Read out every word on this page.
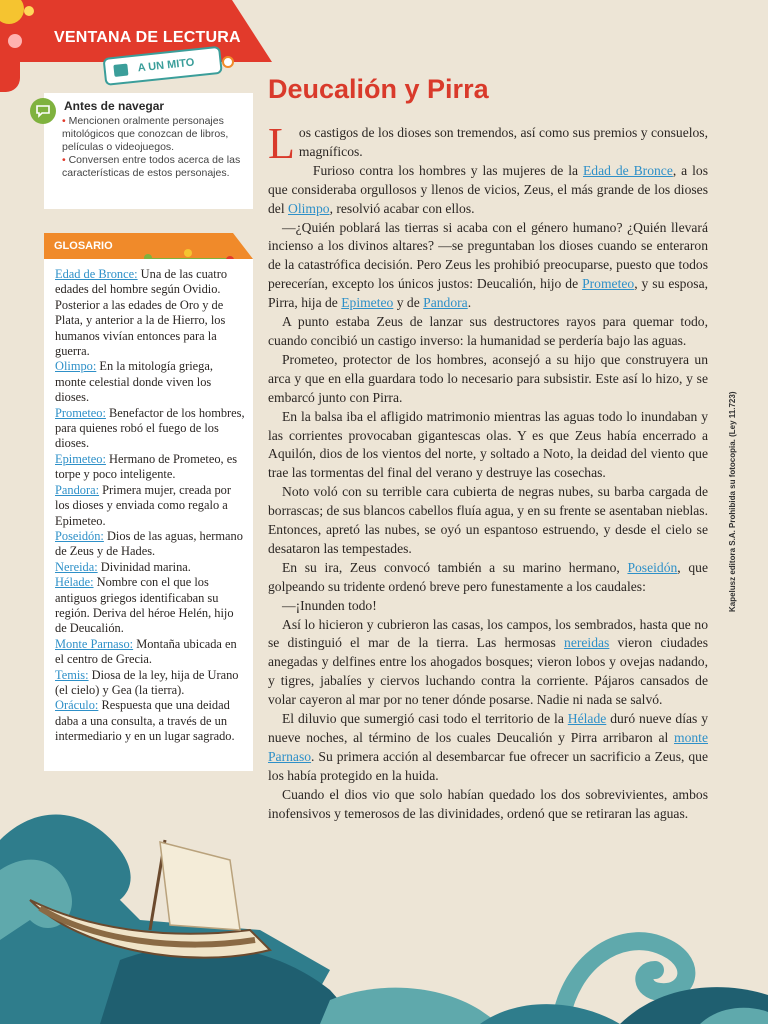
VENTANA DE LECTURA
A UN MITO
Antes de navegar
• Mencionen oralmente personajes mitológicos que conozcan de libros, películas o videojuegos.
• Conversen entre todos acerca de las características de estos personajes.
GLOSARIO

Edad de Bronce: Una de las cuatro edades del hombre según Ovidio. Posterior a las edades de Oro y de Plata, y anterior a la de Hierro, los humanos vivían entonces para la guerra.

Olimpo: En la mitología griega, monte celestial donde viven los dioses.

Prometeo: Benefactor de los hombres, para quienes robó el fuego de los dioses.

Epimeteo: Hermano de Prometeo, es torpe y poco inteligente.

Pandora: Primera mujer, creada por los dioses y enviada como regalo a Epimeteo.

Poseidón: Dios de las aguas, hermano de Zeus y de Hades.

Nereida: Divinidad marina.

Hélade: Nombre con el que los antiguos griegos identificaban su región. Deriva del héroe Helén, hijo de Deucalión.

Monte Parnaso: Montaña ubicada en el centro de Grecia.

Temis: Diosa de la ley, hija de Urano (el cielo) y Gea (la tierra).

Oráculo: Respuesta que una deidad daba a una consulta, a través de un intermediario y en un lugar sagrado.

Deucalión y Pirra

Los castigos de los dioses son tremendos, así como sus premios y consuelos, magníficos.

Furioso contra los hombres y las mujeres de la Edad de Bronce, a los que consideraba orgullosos y llenos de vicios, Zeus, el más grande de los dioses del Olimpo, resolvió acabar con ellos.

—¿Quién poblará las tierras si acaba con el género humano? ¿Quién llevará incienso a los divinos altares? —se preguntaban los dioses cuando se enteraron de la catastrófica decisión. Pero Zeus les prohibió preocuparse, puesto que todos perecerían, excepto los únicos justos: Deucalión, hijo de Prometeo, y su esposa, Pirra, hija de Epimeteo y de Pandora.

A punto estaba Zeus de lanzar sus destructores rayos para quemar todo, cuando concibió un castigo inverso: la humanidad se perdería bajo las aguas.

Prometeo, protector de los hombres, aconsejó a su hijo que construyera un arca y que en ella guardara todo lo necesario para subsistir. Este así lo hizo, y se embarcó junto con Pirra.

En la balsa iba el afligido matrimonio mientras las aguas todo lo inundaban y las corrientes provocaban gigantescas olas. Y es que Zeus había encerrado a Aquilón, dios de los vientos del norte, y soltado a Noto, la deidad del viento que trae las tormentas del final del verano y destruye las cosechas.

Noto voló con su terrible cara cubierta de negras nubes, su barba cargada de borrascas; de sus blancos cabellos fluía agua, y en su frente se asentaban nieblas. Entonces, apretó las nubes, se oyó un espantoso estruendo, y desde el cielo se desataron las tempestades.

En su ira, Zeus convocó también a su marino hermano, Poseidón, que golpeando su tridente ordenó breve pero funestamente a los caudales:

—¡Inunden todo!

Así lo hicieron y cubrieron las casas, los campos, los sembrados, hasta que no se distinguió el mar de la tierra. Las hermosas nereidas vieron ciudades anegadas y delfines entre los ahogados bosques; vieron lobos y ovejas nadando, y tigres, jabalíes y ciervos luchando contra la corriente. Pájaros cansados de volar cayeron al mar por no tener dónde posarse. Nadie ni nada se salvó.

El diluvio que sumergió casi todo el territorio de la Hélade duró nueve días y nueve noches, al término de los cuales Deucalión y Pirra arribaron al monte Parnaso. Su primera acción al desembarcar fue ofrecer un sacrificio a Zeus, que los había protegido en la huida.

Cuando el dios vio que solo habían quedado los dos sobrevivientes, ambos inofensivos y temerosos de las divinidades, ordenó que se retiraran las aguas.

Kapelusz editora S.A. Prohibida su fotocopia. (Ley 11.723)
